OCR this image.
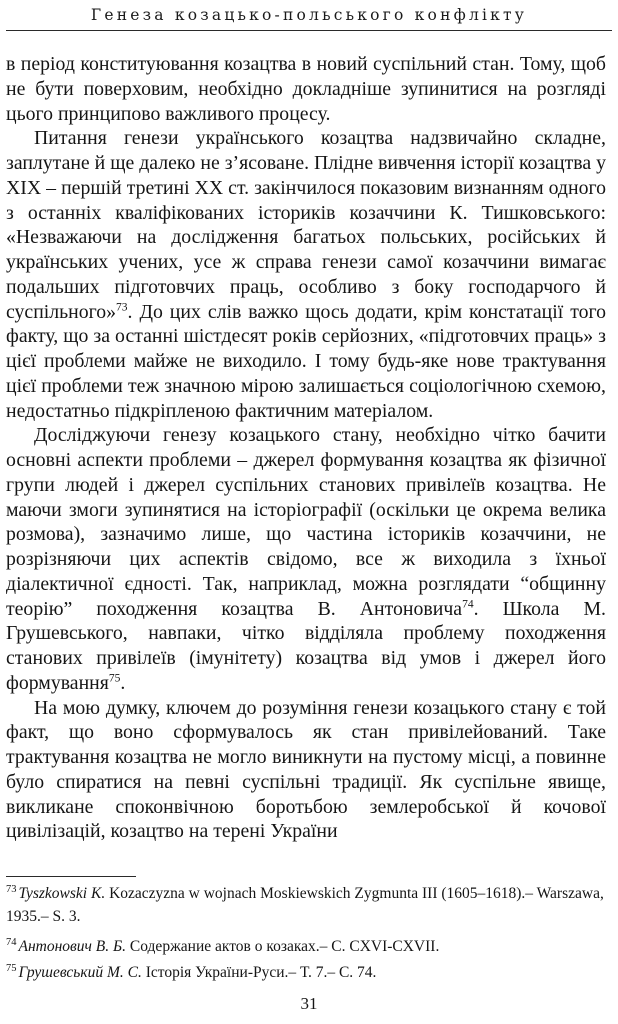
Генеза козацько-польського конфлікту

в період конституювання козацтва в новий суспільний стан. Тому, щоб не бути поверховим, необхідно докладніше зупинитися на розгляді цього принципово важливого процесу.

Питання генези українського козацтва надзвичайно складне, заплутане й ще далеко не з’ясоване. Плідне вивчення історії козацтва у XIX – першій третині XX ст. закінчилося показовим визнанням одного з останніх кваліфікованих істориків козаччини К. Тишковського: «Незважаючи на дослідження багатьох польських, російських й українських учених, усе ж справа генези самої козаччини вимагає подальших підготовчих праць, особливо з боку господарчого й суспільного»$^{73}$. До цих слів важко щось додати, крім констатації того факту, що за останні шістдесят років серйозних, «підготовчих праць» з цієї проблеми майже не виходило. І тому будь-яке нове трактування цієї проблеми теж значною мірою залишається соціологічною схемою, недостатньо підкріпленою фактичним матеріалом.

Досліджуючи генезу козацького стану, необхідно чітко бачити основні аспекти проблеми – джерел формування козацтва як фізичної групи людей і джерел суспільних станових привілеїв козацтва. Не маючи змоги зупинятися на історіографії (оскільки це окрема велика розмова), зазначимо лише, що частина істориків козаччини, не розрізняючи цих аспектів свідомо, все ж виходила з їхньої діалектичної єдності. Так, наприклад, можна розглядати “общинну теорію” походження козацтва В. Антоновича$^{74}$. Школа М. Грушевського, навпаки, чітко відділяла проблему походження станових привілеїв (імунітету) козацтва від умов і джерел його формування$^{75}$.

На мою думку, ключем до розуміння генези козацького стану є той факт, що воно сформувалось як стан привілейований. Таке трактування козацтва не могло виникнути на пустому місці, а повинне було спиратися на певні суспільні традиції. Як суспільне явище, викликане споконвічною боротьбою землеробської й кочової цивілізацій, козацтво на терені України

$^{73}$ Tyszkowski K. Kozaczyzna w wojnach Moskiewskich Zygmunta III (1605–1618).– Warszawa, 1935.– S. 3.
$^{74}$ Антонович В. Б. Содержание актов о козаках.– С. CXVI-CXVII.
$^{75}$ Грушевський М. С. Історія України-Руси.– Т. 7.– С. 74.
31
